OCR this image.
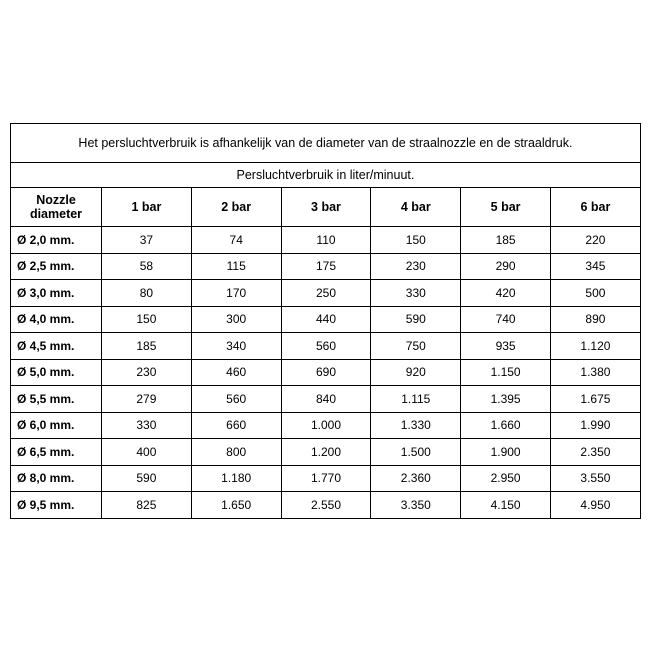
Het persluchtverbruik is afhankelijk van de diameter van de straalnozzle en de straaldruk.						
Persluchtverbruik in liter/minuut.						
Nozzle diameter	1 bar	2 bar	3 bar	4 bar	5 bar	6 bar
Ø 2,0 mm.	37	74	110	150	185	220
Ø 2,5 mm.	58	115	175	230	290	345
Ø 3,0 mm.	80	170	250	330	420	500
Ø 4,0 mm.	150	300	440	590	740	890
Ø 4,5 mm.	185	340	560	750	935	1.120
Ø 5,0 mm.	230	460	690	920	1.150	1.380
Ø 5,5 mm.	279	560	840	1.115	1.395	1.675
Ø 6,0 mm.	330	660	1.000	1.330	1.660	1.990
Ø 6,5 mm.	400	800	1.200	1.500	1.900	2.350
Ø 8,0 mm.	590	1.180	1.770	2.360	2.950	3.550
Ø 9,5 mm.	825	1.650	2.550	3.350	4.150	4.950
